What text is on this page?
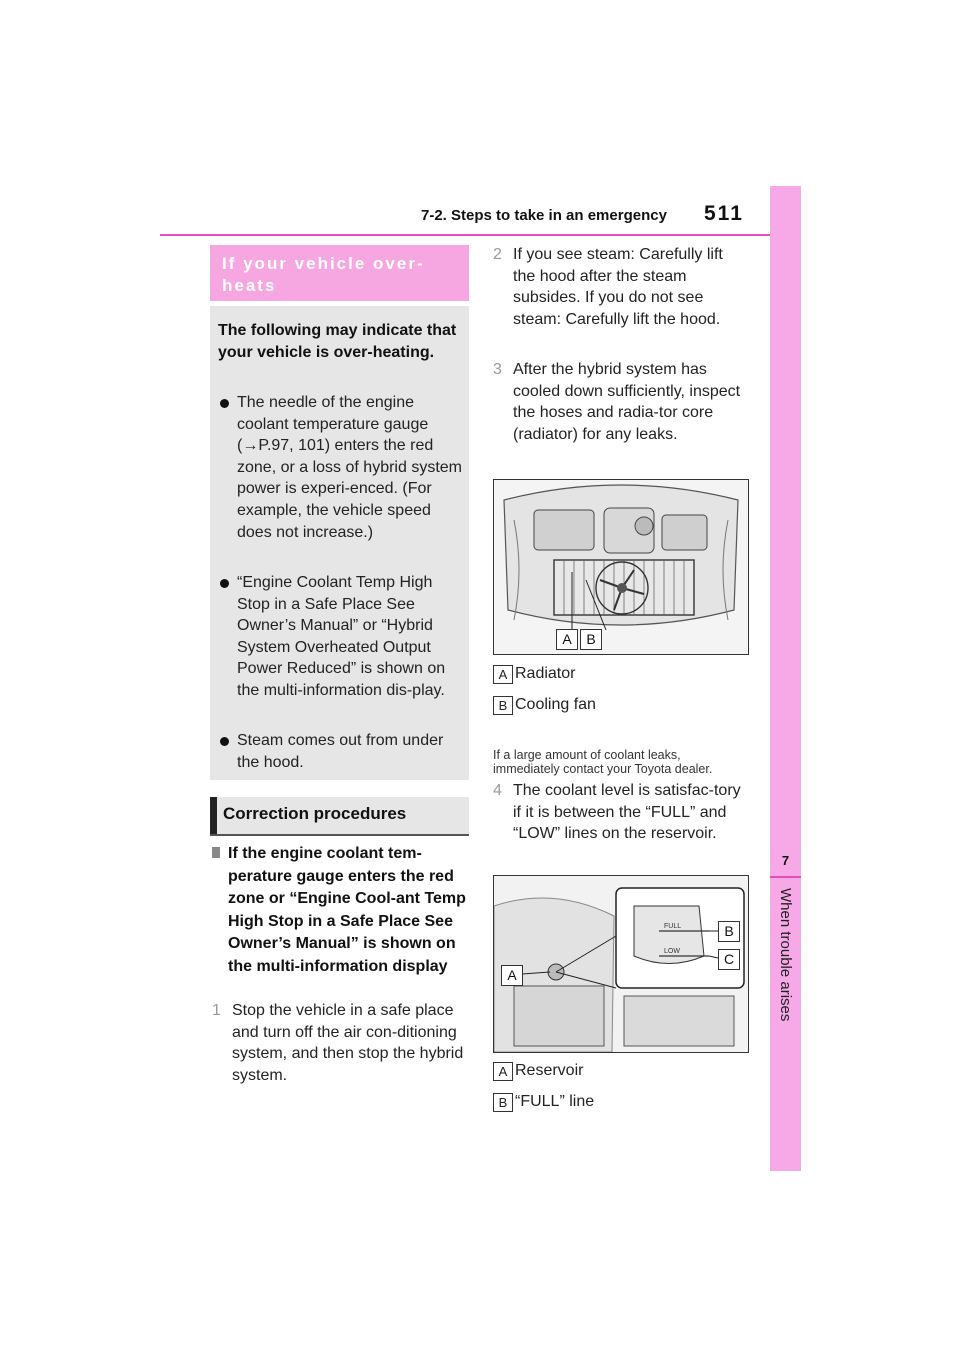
7-2. Steps to take in an emergency 511
7
When trouble arises
If your vehicle over-
heats
The following may indicate that your vehicle is over-heating.
The needle of the engine coolant temperature gauge (→P.97, 101) enters the red zone, or a loss of hybrid system power is experi-enced. (For example, the vehicle speed does not increase.)
“Engine Coolant Temp High Stop in a Safe Place See Owner’s Manual” or “Hybrid System Overheated Output Power Reduced” is shown on the multi-information dis-play.
Steam comes out from under the hood.
Correction procedures
If the engine coolant tem-perature gauge enters the red zone or “Engine Cool-ant Temp High Stop in a Safe Place See Owner’s Manual” is shown on the multi-information display
1 Stop the vehicle in a safe place and turn off the air con-ditioning system, and then stop the hybrid system.
2 If you see steam: Carefully lift the hood after the steam subsides. If you do not see steam: Carefully lift the hood.
3 After the hybrid system has cooled down sufficiently, inspect the hoses and radia-tor core (radiator) for any leaks.
A	B
A Radiator
B Cooling fan
If a large amount of coolant leaks, immediately contact your Toyota dealer.
4 The coolant level is satisfac-tory if it is between the “FULL” and “LOW” lines on the reservoir.
FULL
LOW
A
B
C
A Reservoir
B “FULL” line
